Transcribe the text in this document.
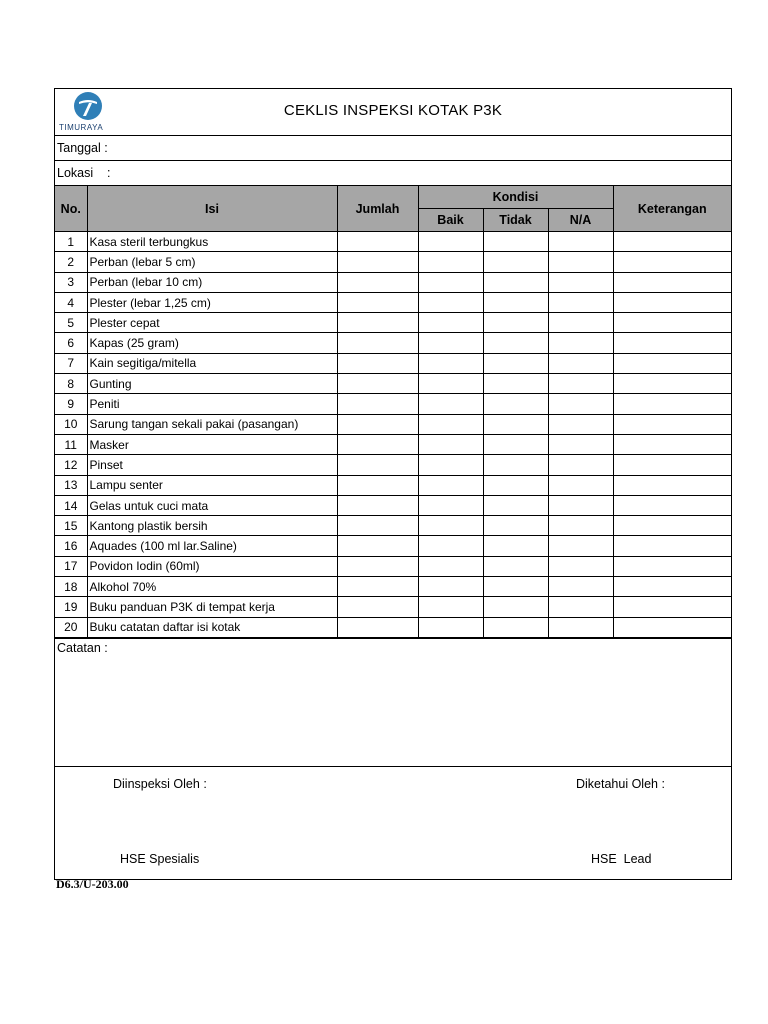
TIMURAYA
CEKLIS INSPEKSI KOTAK P3K
Tanggal :
Lokasi    :
No.	Isi	Jumlah	Kondisi			Keterangan
			Baik	Tidak	N/A	
1	Kasa steril terbungkus					
2	Perban (lebar 5 cm)					
3	Perban (lebar 10 cm)					
4	Plester (lebar 1,25 cm)					
5	Plester cepat					
6	Kapas (25 gram)					
7	Kain segitiga/mitella					
8	Gunting					
9	Peniti					
10	Sarung tangan sekali pakai (pasangan)					
11	Masker					
12	Pinset					
13	Lampu senter					
14	Gelas untuk cuci mata					
15	Kantong plastik bersih					
16	Aquades (100 ml lar.Saline)					
17	Povidon Iodin (60ml)					
18	Alkohol 70%					
19	Buku panduan P3K di tempat kerja					
20	Buku catatan daftar isi kotak					
Catatan :
Diinspeksi Oleh :	Diketahui Oleh :
HSE Spesialis	HSE  Lead
D6.3/U-203.00
